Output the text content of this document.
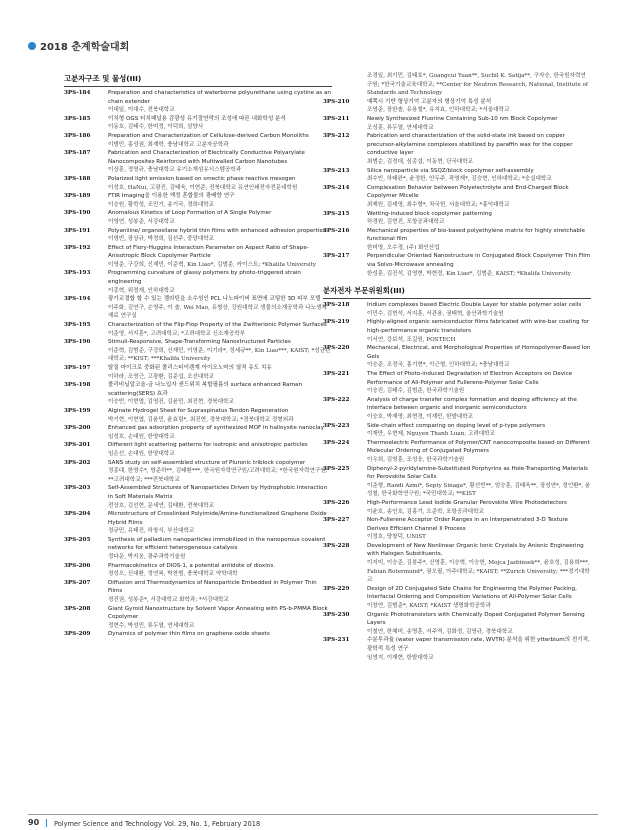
2018 춘계학술대회
고분자구조 및 물성(III)
3PS-184	Preparation and characteristics of waterborne polyurethane using cystine as an chain extender
이대일, 이대수, 전북대학교
3PS-185	이치형 OGS 터치패널용 감광성 유기절연막의 조성에 따른 내화학성 분석
이동호, 김태수, 한미정, 이덕희, 삼양사
3PS-186	Preparation and Characterization of Cellulose-derived Carbon Monoliths
이범민, 홍성권, 최재학, 충남대학교 고분자공학과
3PS-187	Fabrication and Characterization of Electrically Conductive Polyarylate Nanocomposites Reinforced with Multiwalled Carbon Nanotubes
이상훈, 정영규, 충남대학교 유기소재섬유시스템공학과
3PS-188	Polarized light emission based on smectic phase reactive mesogen
이성호, HaNui, 고광진, 김태욱, 이현준, 전북대학교 유연인쇄전자전문대학원
3PS-189	FTIR Imaging을 이용한 액정 혼합물의 광배향 연구
이승원, 황학성, 조민기, 송기국, 경희대학교
3PS-190	Anomalous Kinetics of Loop Formation of A Single Polymer
이영연, 성봉준, 서강대학교
3PS-191	Polyaniline/ organosilane hybrid thin films with enhanced adhesion properties
이영빈, 장상규, 박정희, 김선주, 중앙대학교
3PS-192	Effect of Flory-Huggins Interaction Parameter on Aspect Ratio of Shape-Anisotropic Block Copolymer Particle
이영준, 구강희, 신재민, 이준혁, Kin Liao*, 김범준, 카이스트; *Khalifa University
3PS-193	Programming curvature of glassy polymers by photo-triggered strain engineering
이종혁, 위정재, 인하대학교
3PS-194	광가교결합 할 수 있는 젤라틴을 소수성인 PCL 나노파이버 표면에 코팅한 3D 피부 모델
이주화, 김연구, 손영주, 이 솔, Wei Mao, 유형상, 강원대학교 생물의소재공학과 나노생체재료 연구실
3PS-195	Characterization of the Flip-Flop Property of the Zwitterionic Polymer Surfaces
이준영, 서지훈*, 고려대학교; *고려대학교 신소재공학부
3PS-196	Stimuli-Responsive, Shape-Transforming Nanostructured Particles
이준혁, 김범준, 구강희, 신재민, 이영준, 이기라*, 정세규**, Kin Liao***, KAIST; *성균관대학교; **KIST; ***Khalifa University
3PS-197	탈질 마이크로 중화된 폴리스티이렌계 아이오노머의 열적 유도 치유
이하라, 조영근, 고광환, 김준섭, 조선대학교
3PS-198	폴리비닐알코올-금 나노입자 샌드위치 복합필름의 surface enhanced Raman scattering(SERS) 효과
이승빈, 이현엽, 김영진, 김윤민, 최진현, 경북대학교
3PS-199	Alginate Hydrogel Sheet for Supraspinatus Tendon Regeneration
박기현, 이현엽, 김윤민, 윤효림*, 최진현, 경북대학교; *경북대학교 정형외과
3PS-200	Enhanced gas adsorption property of synthesized MOF in halloysite nanoclay
임성호, 손대원, 한양대학교
3PS-201	Different light scattering patterns for isotropic and anisotropic particles
임은선, 손대원, 한양대학교
3PS-202	SANS study on self-assembled structure of Pluronic triblock copolymer
정종대, 한영수*, 방준하**, 김태환***, 한국원자력연구원/고려대학교; *한국원자력연구원; **고려대학교; ***전북대학교
3PS-203	Self-Assembled Structures of Nanoparticles Driven by Hydrophobic Interaction in Soft Materials Matrix
전상호, 김선현, 문세연, 김태환, 전북대학교
3PS-204	Microstructure of Crosslinked Polyimide/Amine-functionalized Graphene Oxide Hybrid Films
정규민, 유태진, 하창식, 부산대학교
3PS-205	Synthesis of palladium nanoparticles immobilized in the nanoporous covalent networks for efficient heterogeneous catalysis
정다운, 박지웅, 광주과학기술원
3PS-206	Pharmacokinetics of DIOS-1, a potential antidote of dioxins.
정성오, 신대환, 정연복, 박찬범, 충북대학교 약학대학
3PS-207	Diffusion and Thermodynamics of Nanoparticle Embedded in Polymer Thin Films
정진권, 성봉준*, 서강대학교 화학과; *서강대학교
3PS-208	Giant Gyroid Nanostructure by Solvent Vapor Annealing with PS-b-PMMA Block Copolymer
정현수, 박성민, 류두열, 연세대학교
3PS-209	Dynamics of polymer thin films on graphene oxide sheets
조경일, 최기민, 김태호*, Guangcui Yuan**, Suchil K. Satija**, 구자승, 한국원자력연구원; *한국기술교육대학교; **Center for Neutron Research, National, Institute of Standards and Technology
3PS-210	예쪽시 기반 형상기억 고분자의 형상기억 특성 분석
조영준, 장한솔, 유용철*, 유지효, 인하대학교; *서울대학교
3PS-211	Newly Synthesized Fluorine Containing Sub-10 nm Block Copolymer
조성훈, 류두열, 연세대학교
3PS-212	Fabrication and characterization of the solid-state ink based on copper precursor-alkylamine complexes stabilized by paraffin wax for the copper conductive layer
최범순, 김정대, 심종섭, 이동현, 단국대학교
3PS-213	Silica nanoparticle via SSQZ/block copolymer self-assembly
최수빈, 하태완*, 윤정한, 안두주, 곽영재*, 김승현, 인하대학교; *숭실대학교
3PS-214	Complexation Behavior between Polyelectrolyte and End-Charged Block Copolymer Micelle
최제원, 김세영, 최수형*, 차국헌, 서울대학교; *홍익대학교
3PS-215	Wetting-induced block copolymer patterning
하경원, 김현진, 포항공과대학교
3PS-216	Mechanical properties of bio-based polyethylene matrix for highly stretchable functional film
한미영, 오수경, (주) 화인산업
3PS-217	Perpendicular Oriented Nanostructure in Conjugated Block Copolymer Thin Film via Solvo-Microwave annealing
한성훈, 김진석, 김영현, 박현정, Kin Liao*, 김범준, KAIST; *Khalifa University
분자전자 부문위원회(III)
3PS-218	Iridium complexes based Electric Double Layer for stable polymer solar cells
이민수, 김현석, 서지훈, 서관용, 권태혁, 울산과학기술원
3PS-219	Highly-aligned organic semiconductor films fabricated with wire-bar coating for high-performance organic transistors
이서연, 강보석, 조길원, POSTECH
3PS-220	Mechanical, Electrical, and Morphological Properties of Homopolymer-Based Ion Gels
이승준, 조정국, 홍기현*, 이근형, 인하대학교; *충남대학교
3PS-221	The Effect of Photo-induced Degradation of Electron Acceptors on Device Performance of All-Polymer and Fullerene-Polymer Solar Cells
이승진, 김태수, 김범준, 한국과학기술원
3PS-222	Analysis of charge transfer complex formation and doping efficiency at the interface between organic and inorganic semiconductors
이승호, 박재영, 최현경, 이재민, 한밭대학교
3PS-223	Side-chain effect comparing on doping level of p-type polymers
이재만, 우현제, Nguyen Thanh Luan, 고려대학교
3PS-224	Thermoelectric Performance of Polymer/CNT nanocomposite based on Different Molecular Ordering of Conjugated Polymers
이우희, 김영훈, 조성웅, 한국과학기술원
3PS-225	Diphenyl-2-pyridylamine-Substituted Porphyrins as Hole-Transporting Materials for Perovskite Solar Cells
이준형, Randi Azmi*, Septy Sinaga*, 황선빈**, 엄승훈, 김태욱**, 장성연*, 정인환*, 윤성철, 한국화학연구원; *국민대학교; **KIST
3PS-226	High-Performance Lead Iodide Granular Perovskite Wire Photodetectors
이윤호, 송인호, 김홍기, 오준학, 포항공과대학교
3PS-227	Non-Fullerene Acceptor Order Ranges in an Interpenetrated 3-D Texture Derives Efficient Channel II Process
이정호, 양창덕, UNIST
3PS-228	Development of New Nonlinear Organic Ionic Crystals by Anionic Engineering with Halogen Substituents,
이지미, 이승준, 김봉주*, 신영훈, 이승혁, 이승헌, Mojca Jazbinsek**, 윤호성, 김용희***, Fabian Rotermund*, 권오필, 아주대학교; *KAIST; **Zurich University; ***경기대학교
3PS-229	Design of 2D Conjugated Side Chains for Engineering the Polymer Packing, Interfacial Ordering and Composition Variations of All-Polymer Solar Cells
이창연, 김범준*, KAIST; *KAIST 생명화학공학과
3PS-230	Organic Phototransistors with Chemically Doped Conjugated Polymer Sensing Layers
이철연, 한혜미, 송명훈, 서주역, 김화정, 김영규, 경북대학교
3PS-231	수분투과율 (water vaper transmission rate, WVTR) 분석을 위한 ytterbium의 전기적, 광학적 특성 연구
임영지, 이재현, 한밭대학교
90 Polymer Science and Technology Vol. 29, No. 1, February 2018
